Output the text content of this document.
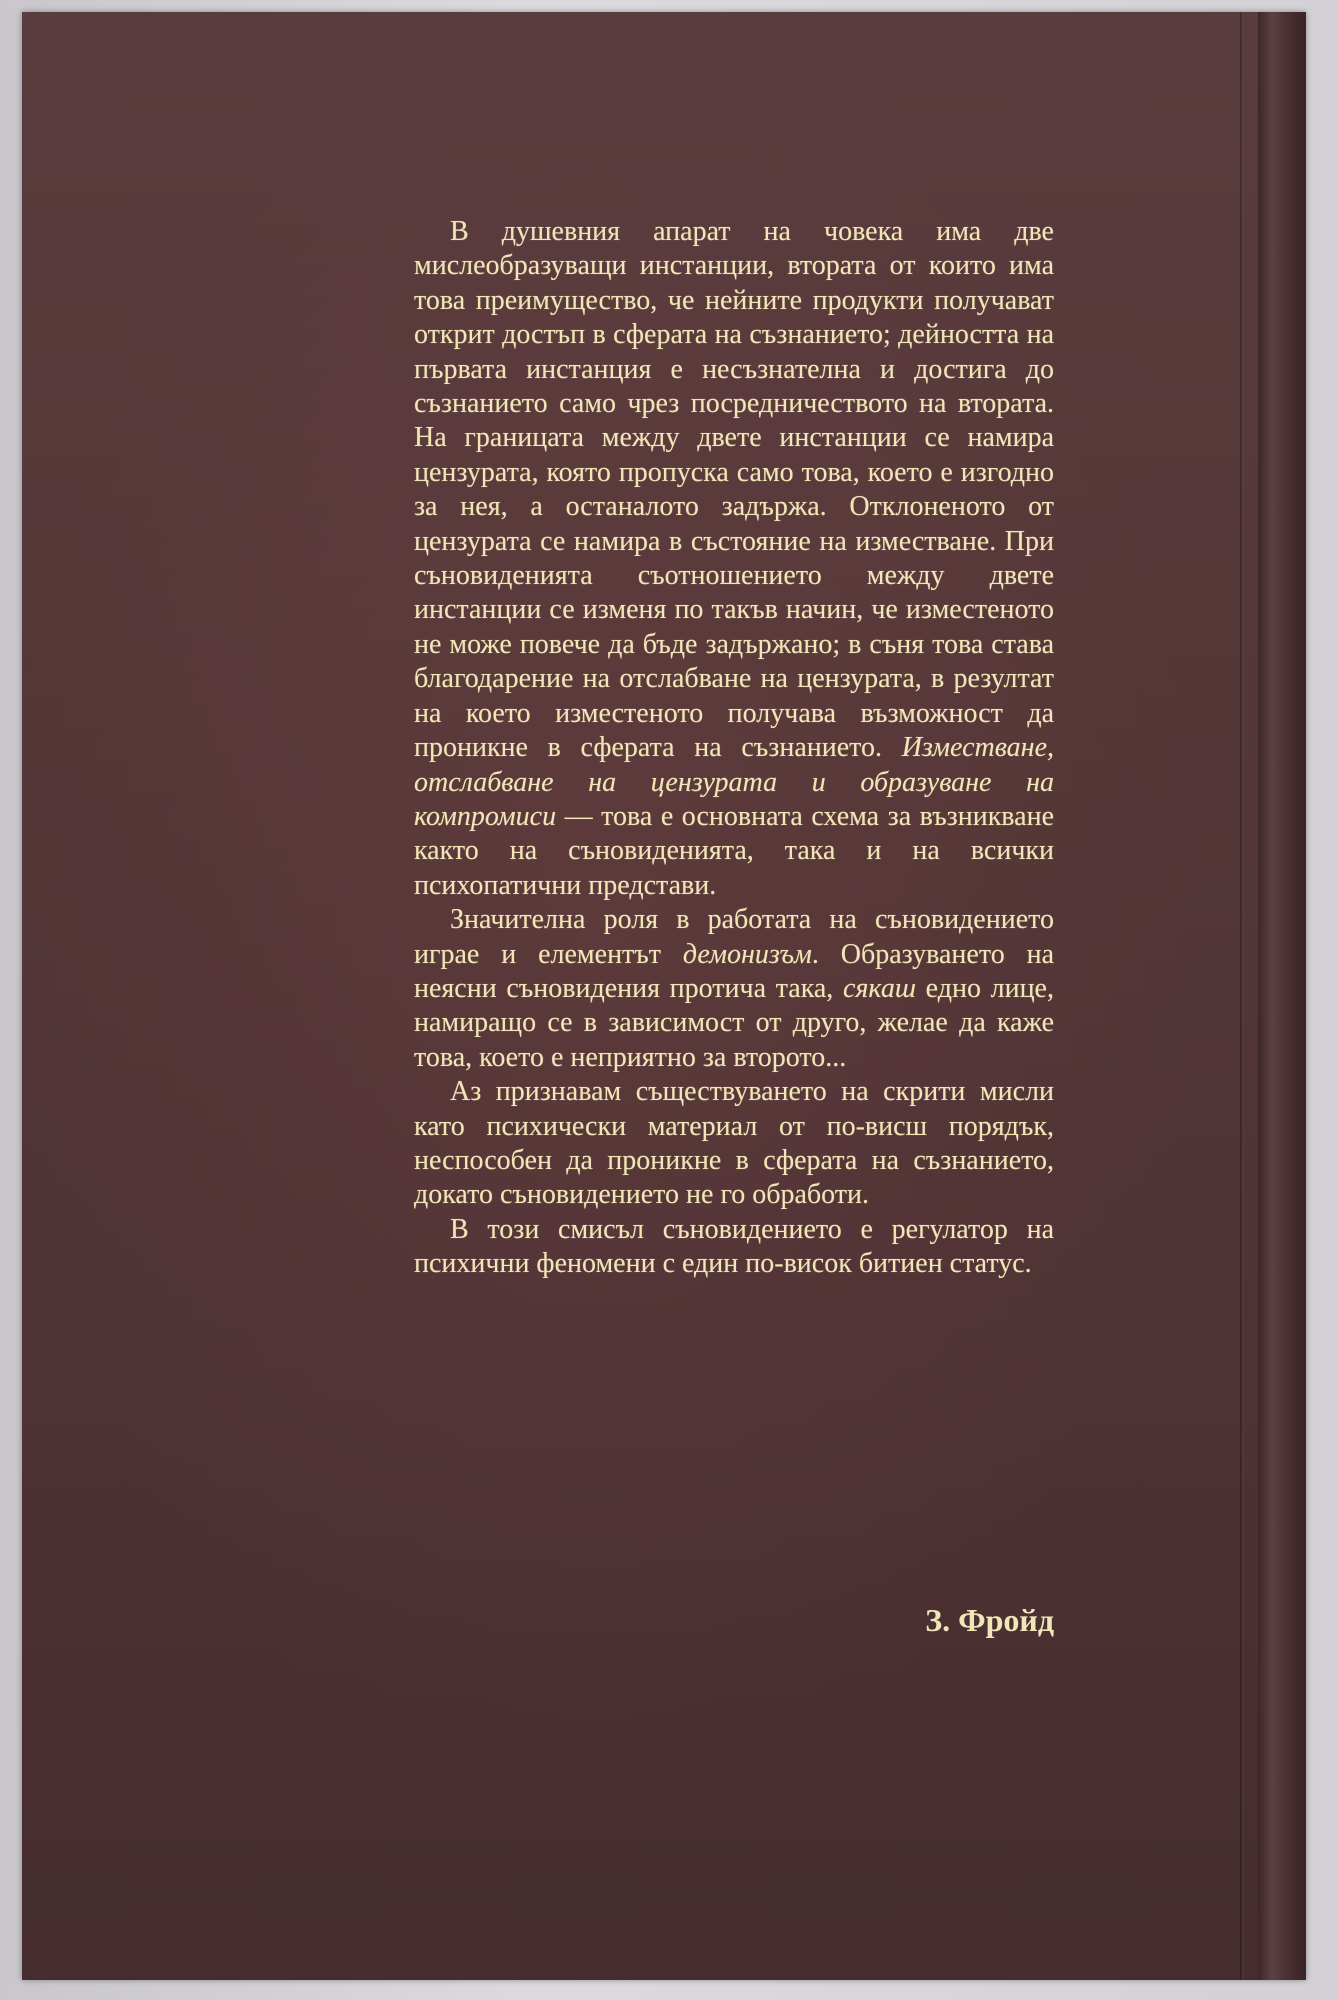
В душевния апарат на човека има две мислеобразуващи инстанции, втората от които има това преимущество, че нейните продукти получават открит достъп в сферата на съзнанието; дейността на първата инстанция е несъзнателна и достига до съзнанието само чрез посредничеството на втората. На границата между двете инстанции се намира цензурата, която пропуска само това, което е изгодно за нея, а останалото задържа. Отклоненото от цензурата се намира в състояние на изместване. При сънoвиденията съотношението между двете инстанции се изменя по такъв начин, че изместеното не може повече да бъде задържано; в съня това става благодарение на отслабване на цензурата, в резултат на което изместеното получава възможност да проникне в сферата на съзнанието. Изместване, отслабване на цензурата и образуване на компромиси — това е основната схема за възникване както на сънoвиденията, така и на всички психопатични представи.

Значителна роля в работата на сънoвидението играе и елементът демонизъм. Образуването на неясни сънoвидения протича така, сякаш едно лице, намиращо се в зависимост от друго, желае да каже това, което е неприятно за второто...

Аз признавам съществуването на скрити мисли като психически материал от по-висш порядък, неспособен да проникне в сферата на съзнанието, докато сънoвидението не го обработи.

В този смисъл сънoвидението е регулатор на психични феномени с един по-висок битиен статус.

З. Фройд
